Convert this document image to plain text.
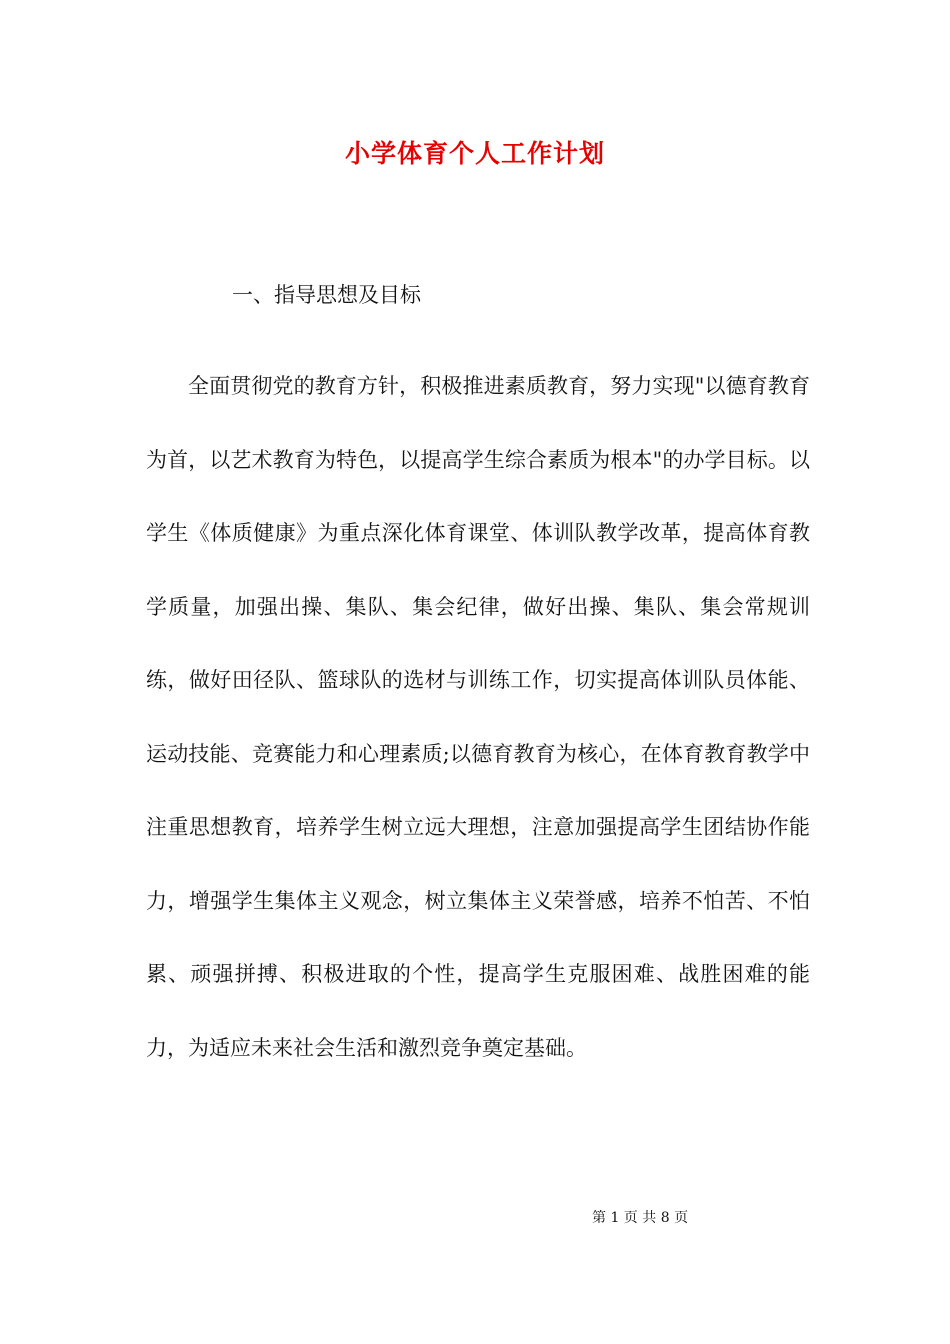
小学体育个人工作计划
一、指导思想及目标

全面贯彻党的教育方针，积极推进素质教育，努力实现"以德育教育为首，以艺术教育为特色，以提高学生综合素质为根本"的办学目标。以学生《体质健康》为重点深化体育课堂、体训队教学改革，提高体育教学质量，加强出操、集队、集会纪律，做好出操、集队、集会常规训练，做好田径队、篮球队的选材与训练工作，切实提高体训队员体能、运动技能、竞赛能力和心理素质;以德育教育为核心，在体育教育教学中注重思想教育，培养学生树立远大理想，注意加强提高学生团结协作能力，增强学生集体主义观念，树立集体主义荣誉感，培养不怕苦、不怕累、顽强拼搏、积极进取的个性，提高学生克服困难、战胜困难的能力，为适应未来社会生活和激烈竞争奠定基础。

第 1 页 共 8 页
